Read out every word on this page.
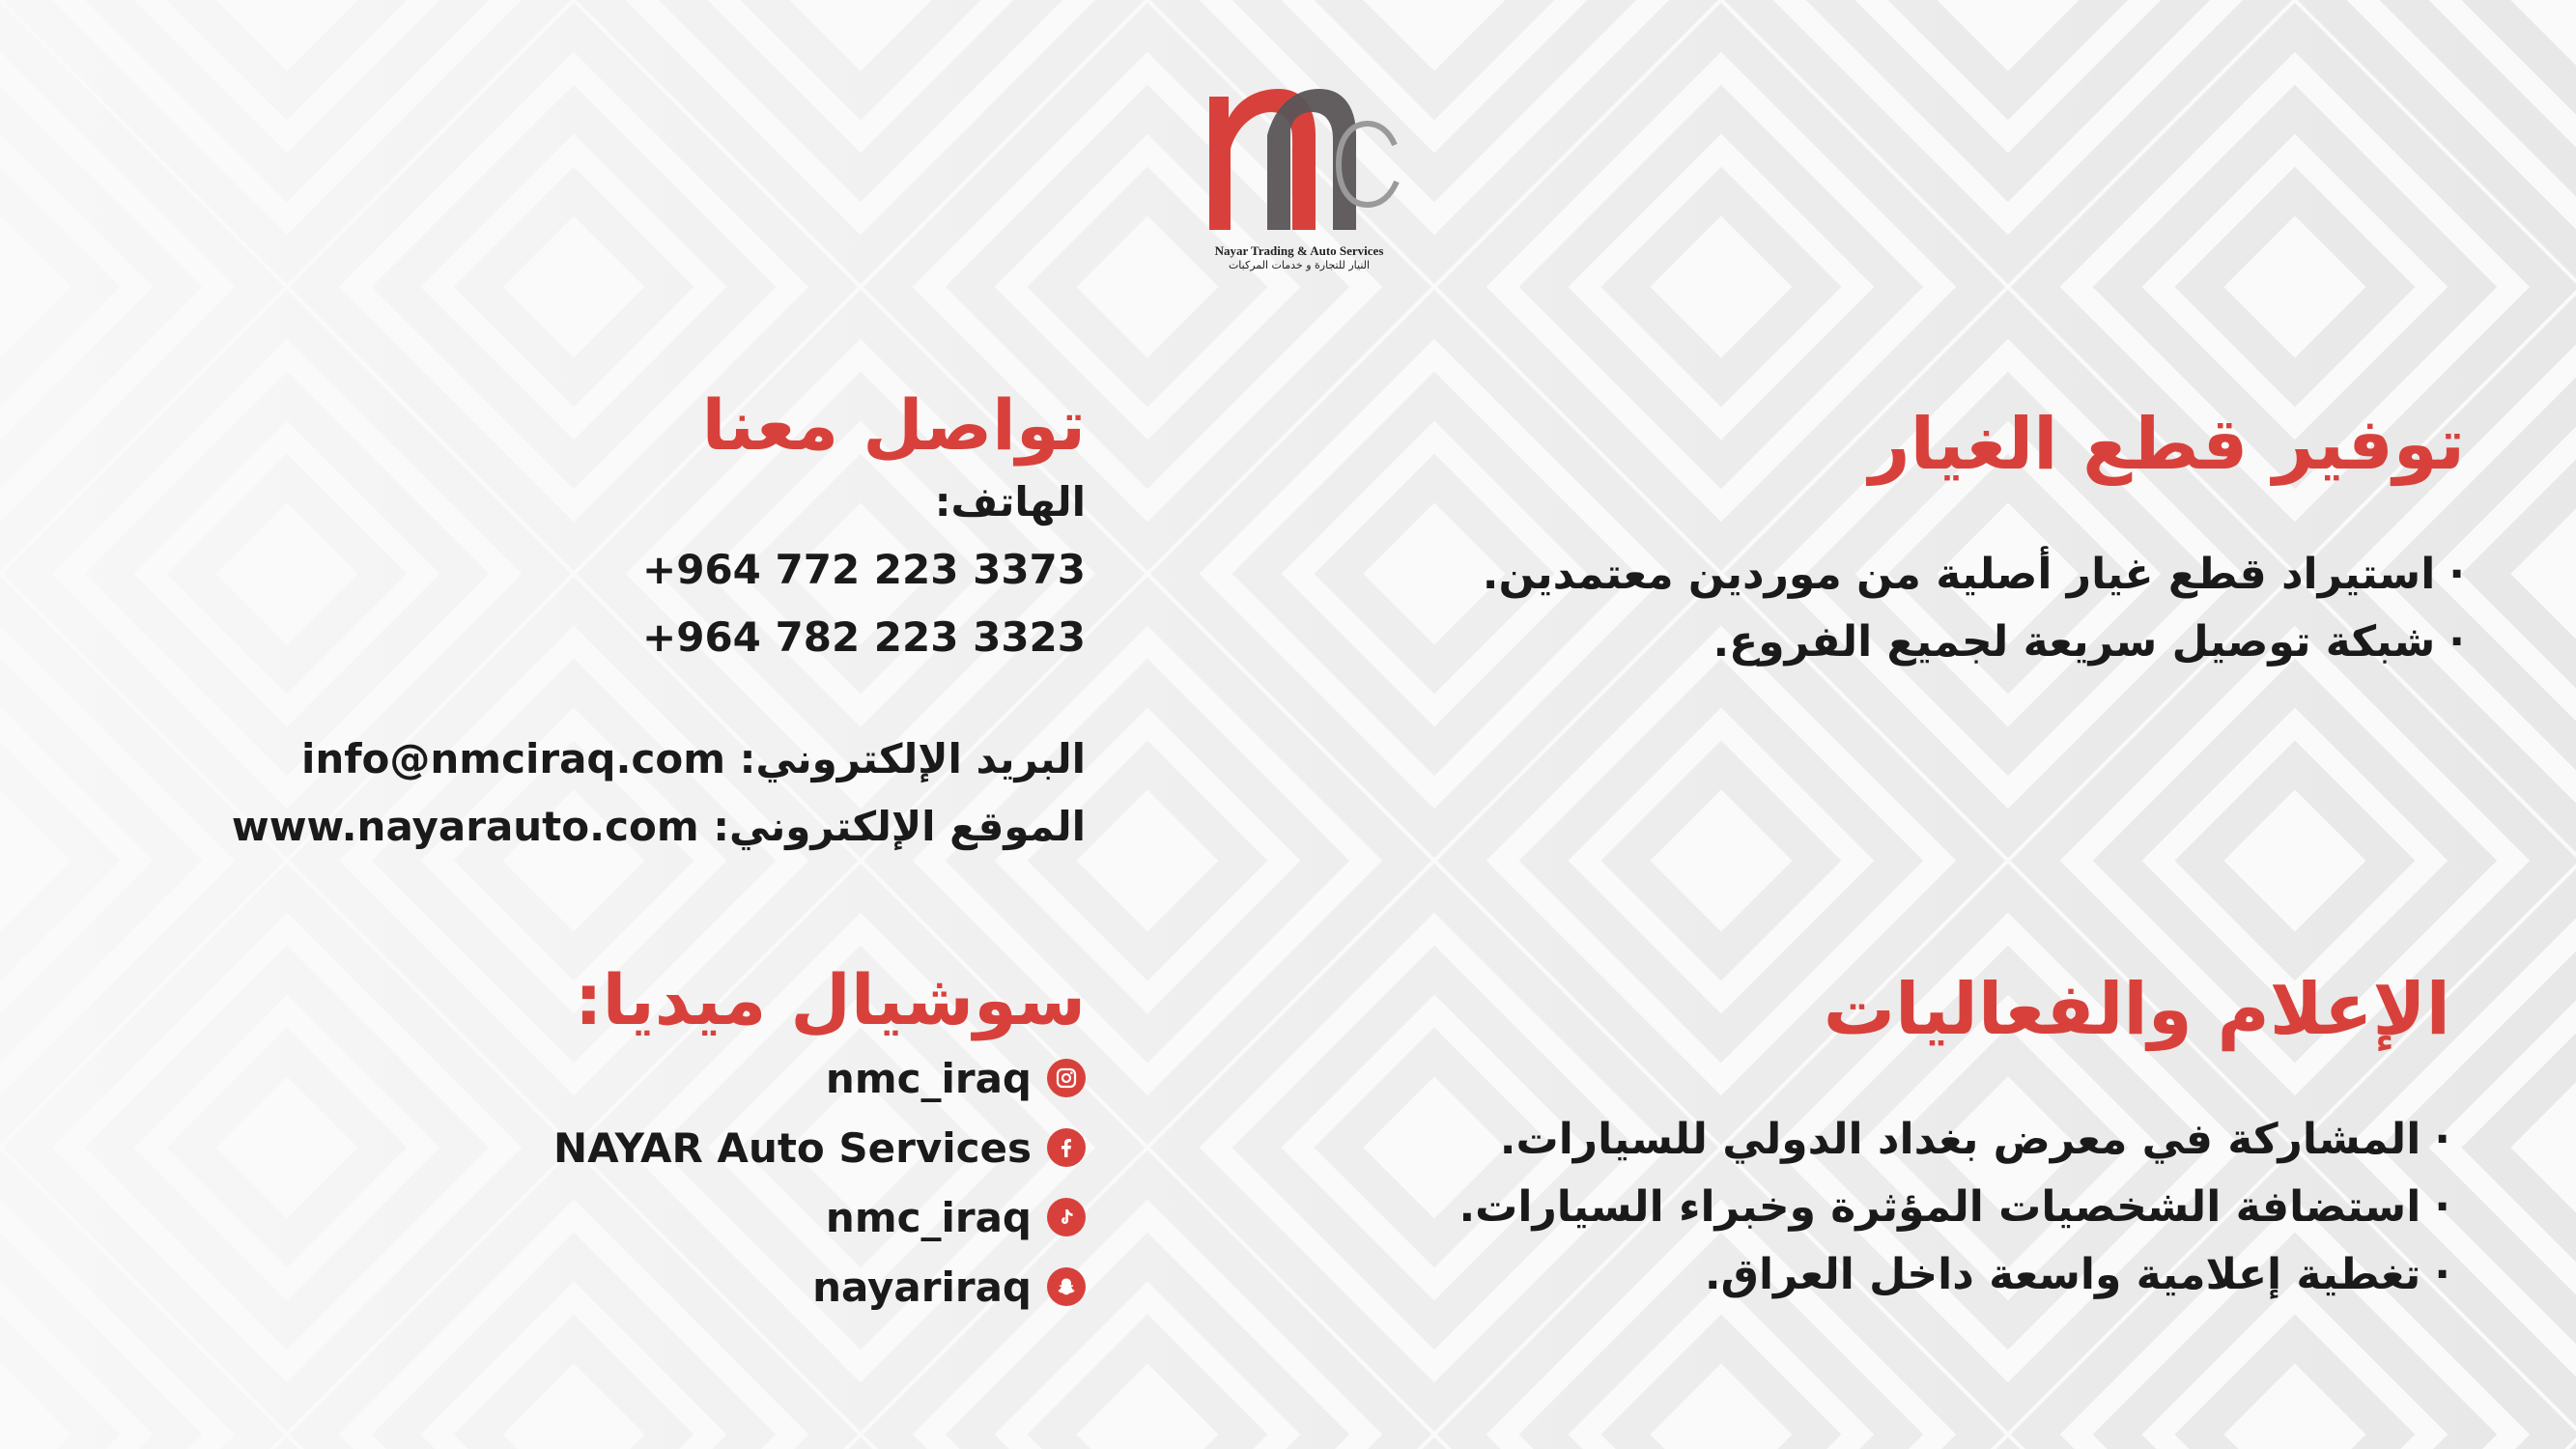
Nayar Trading & Auto Services
النيار للتجارة و خدمات المركبات
تواصل معنا
الهاتف:
+964 772 223 3373
+964 782 223 3323
البريد الإلكتروني: info@nmciraq.com
الموقع الإلكتروني: www.nayarauto.com
سوشيال ميديا:
nmc_iraq
NAYAR Auto Services
nmc_iraq
nayariraq
توفير قطع الغيار
·استيراد قطع غيار أصلية من موردين معتمدين.
·شبكة توصيل سريعة لجميع الفروع.
الإعلام والفعاليات
·المشاركة في معرض بغداد الدولي للسيارات.
·استضافة الشخصيات المؤثرة وخبراء السيارات.
·تغطية إعلامية واسعة داخل العراق.
